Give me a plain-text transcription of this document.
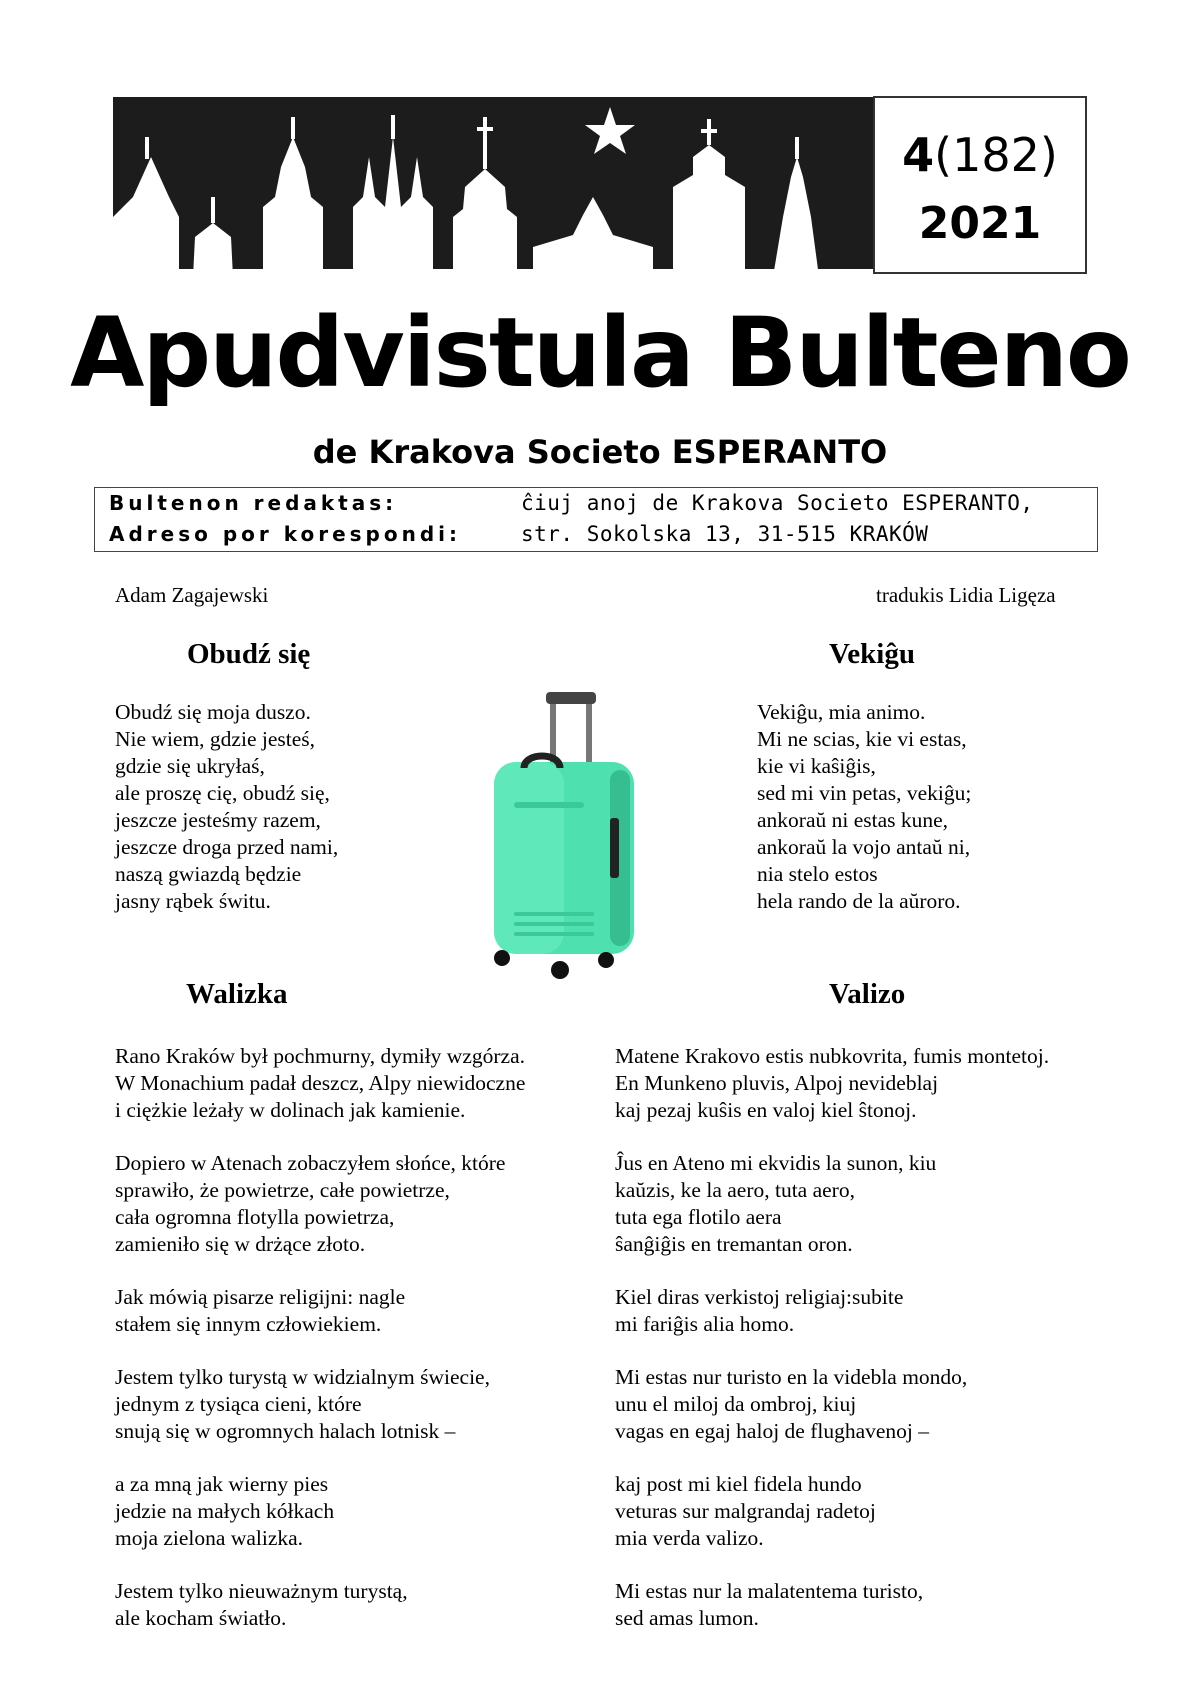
4(182)
2021
Apudvistula Bulteno
de Krakova Societo ESPERANTO
Bultenon redaktas:	ĉiuj anoj de Krakova Societo ESPERANTO,
Adreso por korespondi:	str. Sokolska 13, 31-515 KRAKÓW
Adam Zagajewski	tradukis Lidia Ligęza
Obudź się	Vekiĝu
Obudź się moja duszo.
Nie wiem, gdzie jesteś,
gdzie się ukryłaś,
ale proszę cię, obudź się,
jeszcze jesteśmy razem,
jeszcze droga przed nami,
naszą gwiazdą będzie
jasny rąbek świtu.
Vekiĝu, mia animo.
Mi ne scias, kie vi estas,
kie vi kaŝiĝis,
sed mi vin petas, vekiĝu;
ankoraŭ ni estas kune,
ankoraŭ la vojo antaŭ ni,
nia stelo estos
hela rando de la aŭroro.
Walizka	Valizo
Rano Kraków był pochmurny, dymiły wzgórza.
W Monachium padał deszcz, Alpy niewidoczne
i ciężkie leżały w dolinach jak kamienie.
Dopiero w Atenach zobaczyłem słońce, które
sprawiło, że powietrze, całe powietrze,
cała ogromna flotylla powietrza,
zamieniło się w drżące złoto.
Jak mówią pisarze religijni: nagle
stałem się innym człowiekiem.
Jestem tylko turystą w widzialnym świecie,
jednym z tysiąca cieni, które
snują się w ogromnych halach lotnisk –
a za mną jak wierny pies
jedzie na małych kółkach
moja zielona walizka.
Jestem tylko nieuważnym turystą,
ale kocham światło.
Matene Krakovo estis nubkovrita, fumis montetoj.
En Munkeno pluvis, Alpoj nevideblaj
kaj pezaj kuŝis en valoj kiel ŝtonoj.
Ĵus en Ateno mi ekvidis la sunon, kiu
kaŭzis, ke la aero, tuta aero,
tuta ega flotilo aera
ŝanĝiĝis en tremantan oron.
Kiel diras verkistoj religiaj:subite
mi fariĝis alia homo.
Mi estas nur turisto en la videbla mondo,
unu el miloj da ombroj, kiuj
vagas en egaj haloj de flughavenoj –
kaj post mi kiel fidela hundo
veturas sur malgrandaj radetoj
mia verda valizo.
Mi estas nur la malatentema turisto,
sed amas lumon.
